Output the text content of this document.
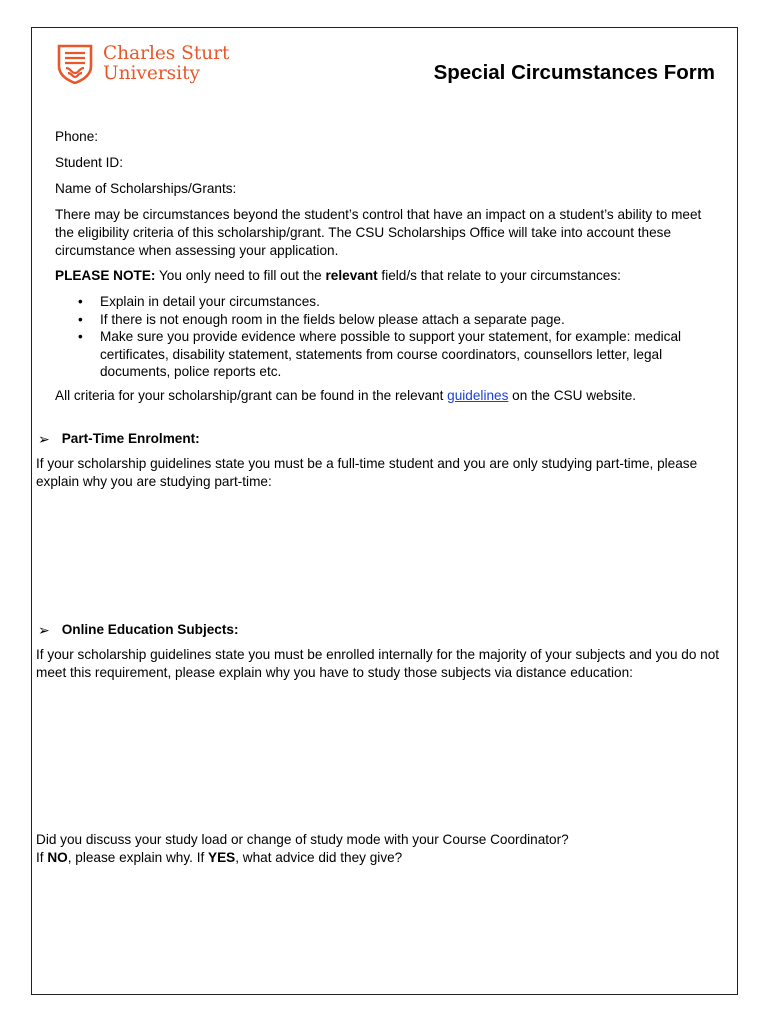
Charles Sturt
University	Special Circumstances Form
Phone:
Student ID:
Name of Scholarships/Grants:
There may be circumstances beyond the student’s control that have an impact on a student’s ability to meet the eligibility criteria of this scholarship/grant. The CSU Scholarships Office will take into account these circumstance when assessing your application.
PLEASE NOTE: You only need to fill out the relevant field/s that relate to your circumstances:
• Explain in detail your circumstances.
• If there is not enough room in the fields below please attach a separate page.
• Make sure you provide evidence where possible to support your statement, for example: medical certificates, disability statement, statements from course coordinators, counsellors letter, legal documents, police reports etc.
All criteria for your scholarship/grant can be found in the relevant guidelines on the CSU website.
➢ Part-Time Enrolment:
If your scholarship guidelines state you must be a full-time student and you are only studying part-time, please explain why you are studying part-time:
➢ Online Education Subjects:
If your scholarship guidelines state you must be enrolled internally for the majority of your subjects and you do not meet this requirement, please explain why you have to study those subjects via distance education:
Did you discuss your study load or change of study mode with your Course Coordinator?
If NO, please explain why. If YES, what advice did they give?
